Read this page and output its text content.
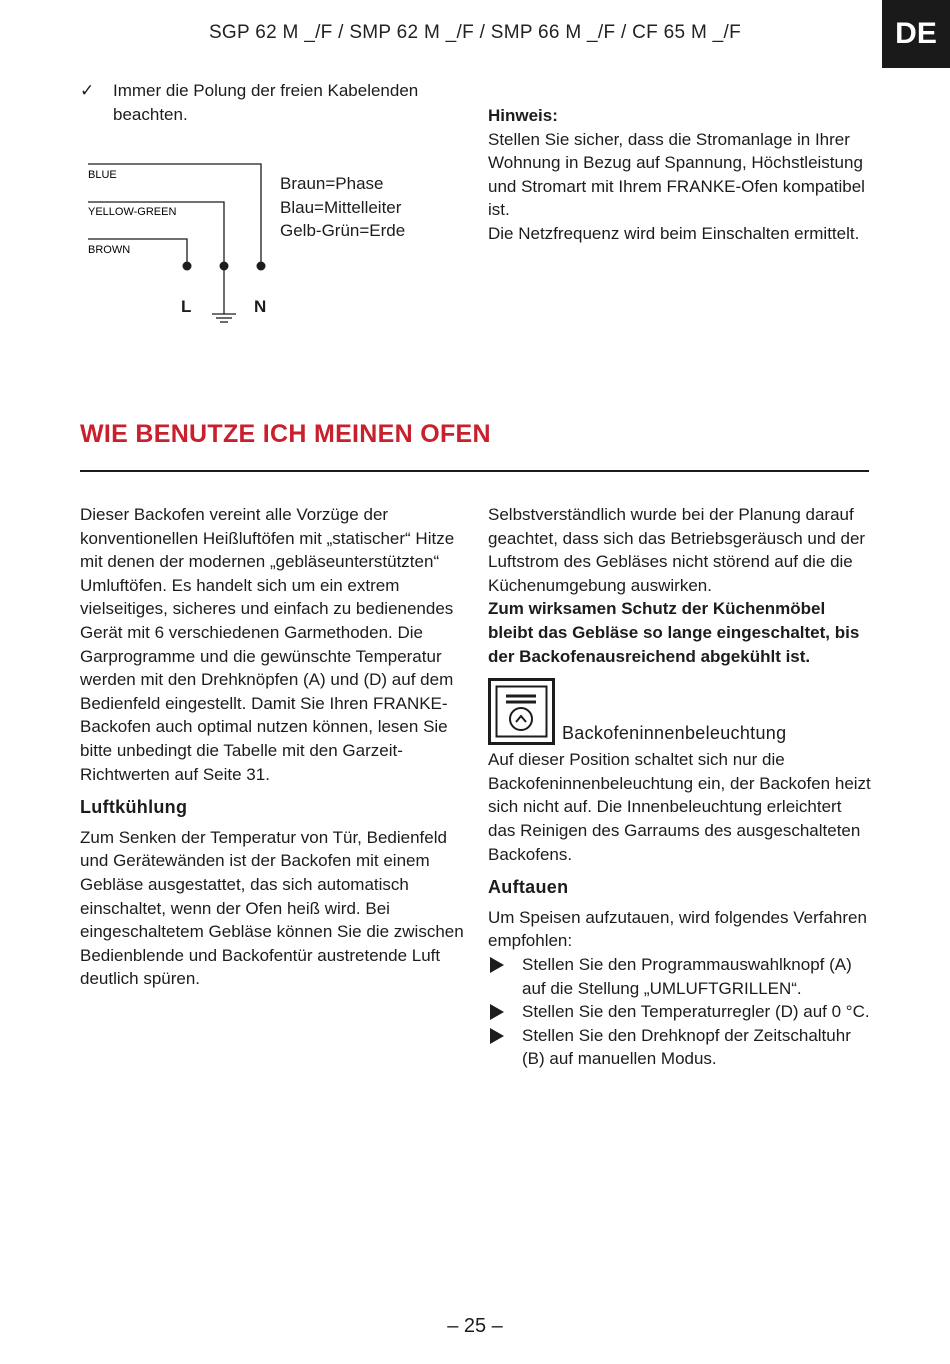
SGP 62 M _/F / SMP 62 M _/F / SMP 66 M _/F / CF 65 M _/F	DE
✓ Immer die Polung der freien Kabelenden beachten.
BLUE
YELLOW-GREEN
BROWN
L	N
Braun=Phase
Blau=Mittelleiter
Gelb-Grün=Erde
Hinweis:

Stellen Sie sicher, dass die Stromanlage in Ihrer Wohnung in Bezug auf Spannung, Höchstleistung und Stromart mit Ihrem FRANKE-Ofen kompatibel ist.

Die Netzfrequenz wird beim Einschalten ermittelt.

WIE BENUTZE ICH MEINEN OFEN

Dieser Backofen vereint alle Vorzüge der konventionellen Heißluftöfen mit „statischer“ Hitze mit denen der modernen „gebläseunterstützten“ Umluftöfen. Es handelt sich um ein extrem vielseitiges, sicheres und einfach zu bedienendes Gerät mit 6 verschiedenen Garmethoden. Die Garprogramme und die gewünschte Temperatur werden mit den Drehknöpfen (A) und (D) auf dem Bedienfeld eingestellt. Damit Sie Ihren FRANKE-Backofen auch optimal nutzen können, lesen Sie bitte unbedingt die Tabelle mit den Garzeit-Richtwerten auf Seite 31.

Luftkühlung

Zum Senken der Temperatur von Tür, Bedienfeld und Gerätewänden ist der Backofen mit einem Gebläse ausgestattet, das sich automatisch einschaltet, wenn der Ofen heiß wird. Bei eingeschaltetem Gebläse können Sie die zwischen Bedienblende und Backofentür austretende Luft deutlich spüren.

Selbstverständlich wurde bei der Planung darauf geachtet, dass sich das Betriebsgeräusch und der Luftstrom des Gebläses nicht störend auf die die Küchenumgebung auswirken.

Zum wirksamen Schutz der Küchenmöbel bleibt das Gebläse so lange eingeschaltet, bis der Backofenausreichend abgekühlt ist.

Backofeninnenbeleuchtung

Auf dieser Position schaltet sich nur die Backofeninnenbeleuchtung ein, der Backofen heizt sich nicht auf. Die Innenbeleuchtung erleichtert das Reinigen des Garraums des ausgeschalteten Backofens.

Auftauen

Um Speisen aufzutauen, wird folgendes Verfahren empfohlen:

Stellen Sie den Programmauswahlknopf (A) auf die Stellung „UMLUFTGRILLEN“.
Stellen Sie den Temperaturregler (D) auf 0 °C.
Stellen Sie den Drehknopf der Zeitschaltuhr (B) auf manuellen Modus.
– 25 –
